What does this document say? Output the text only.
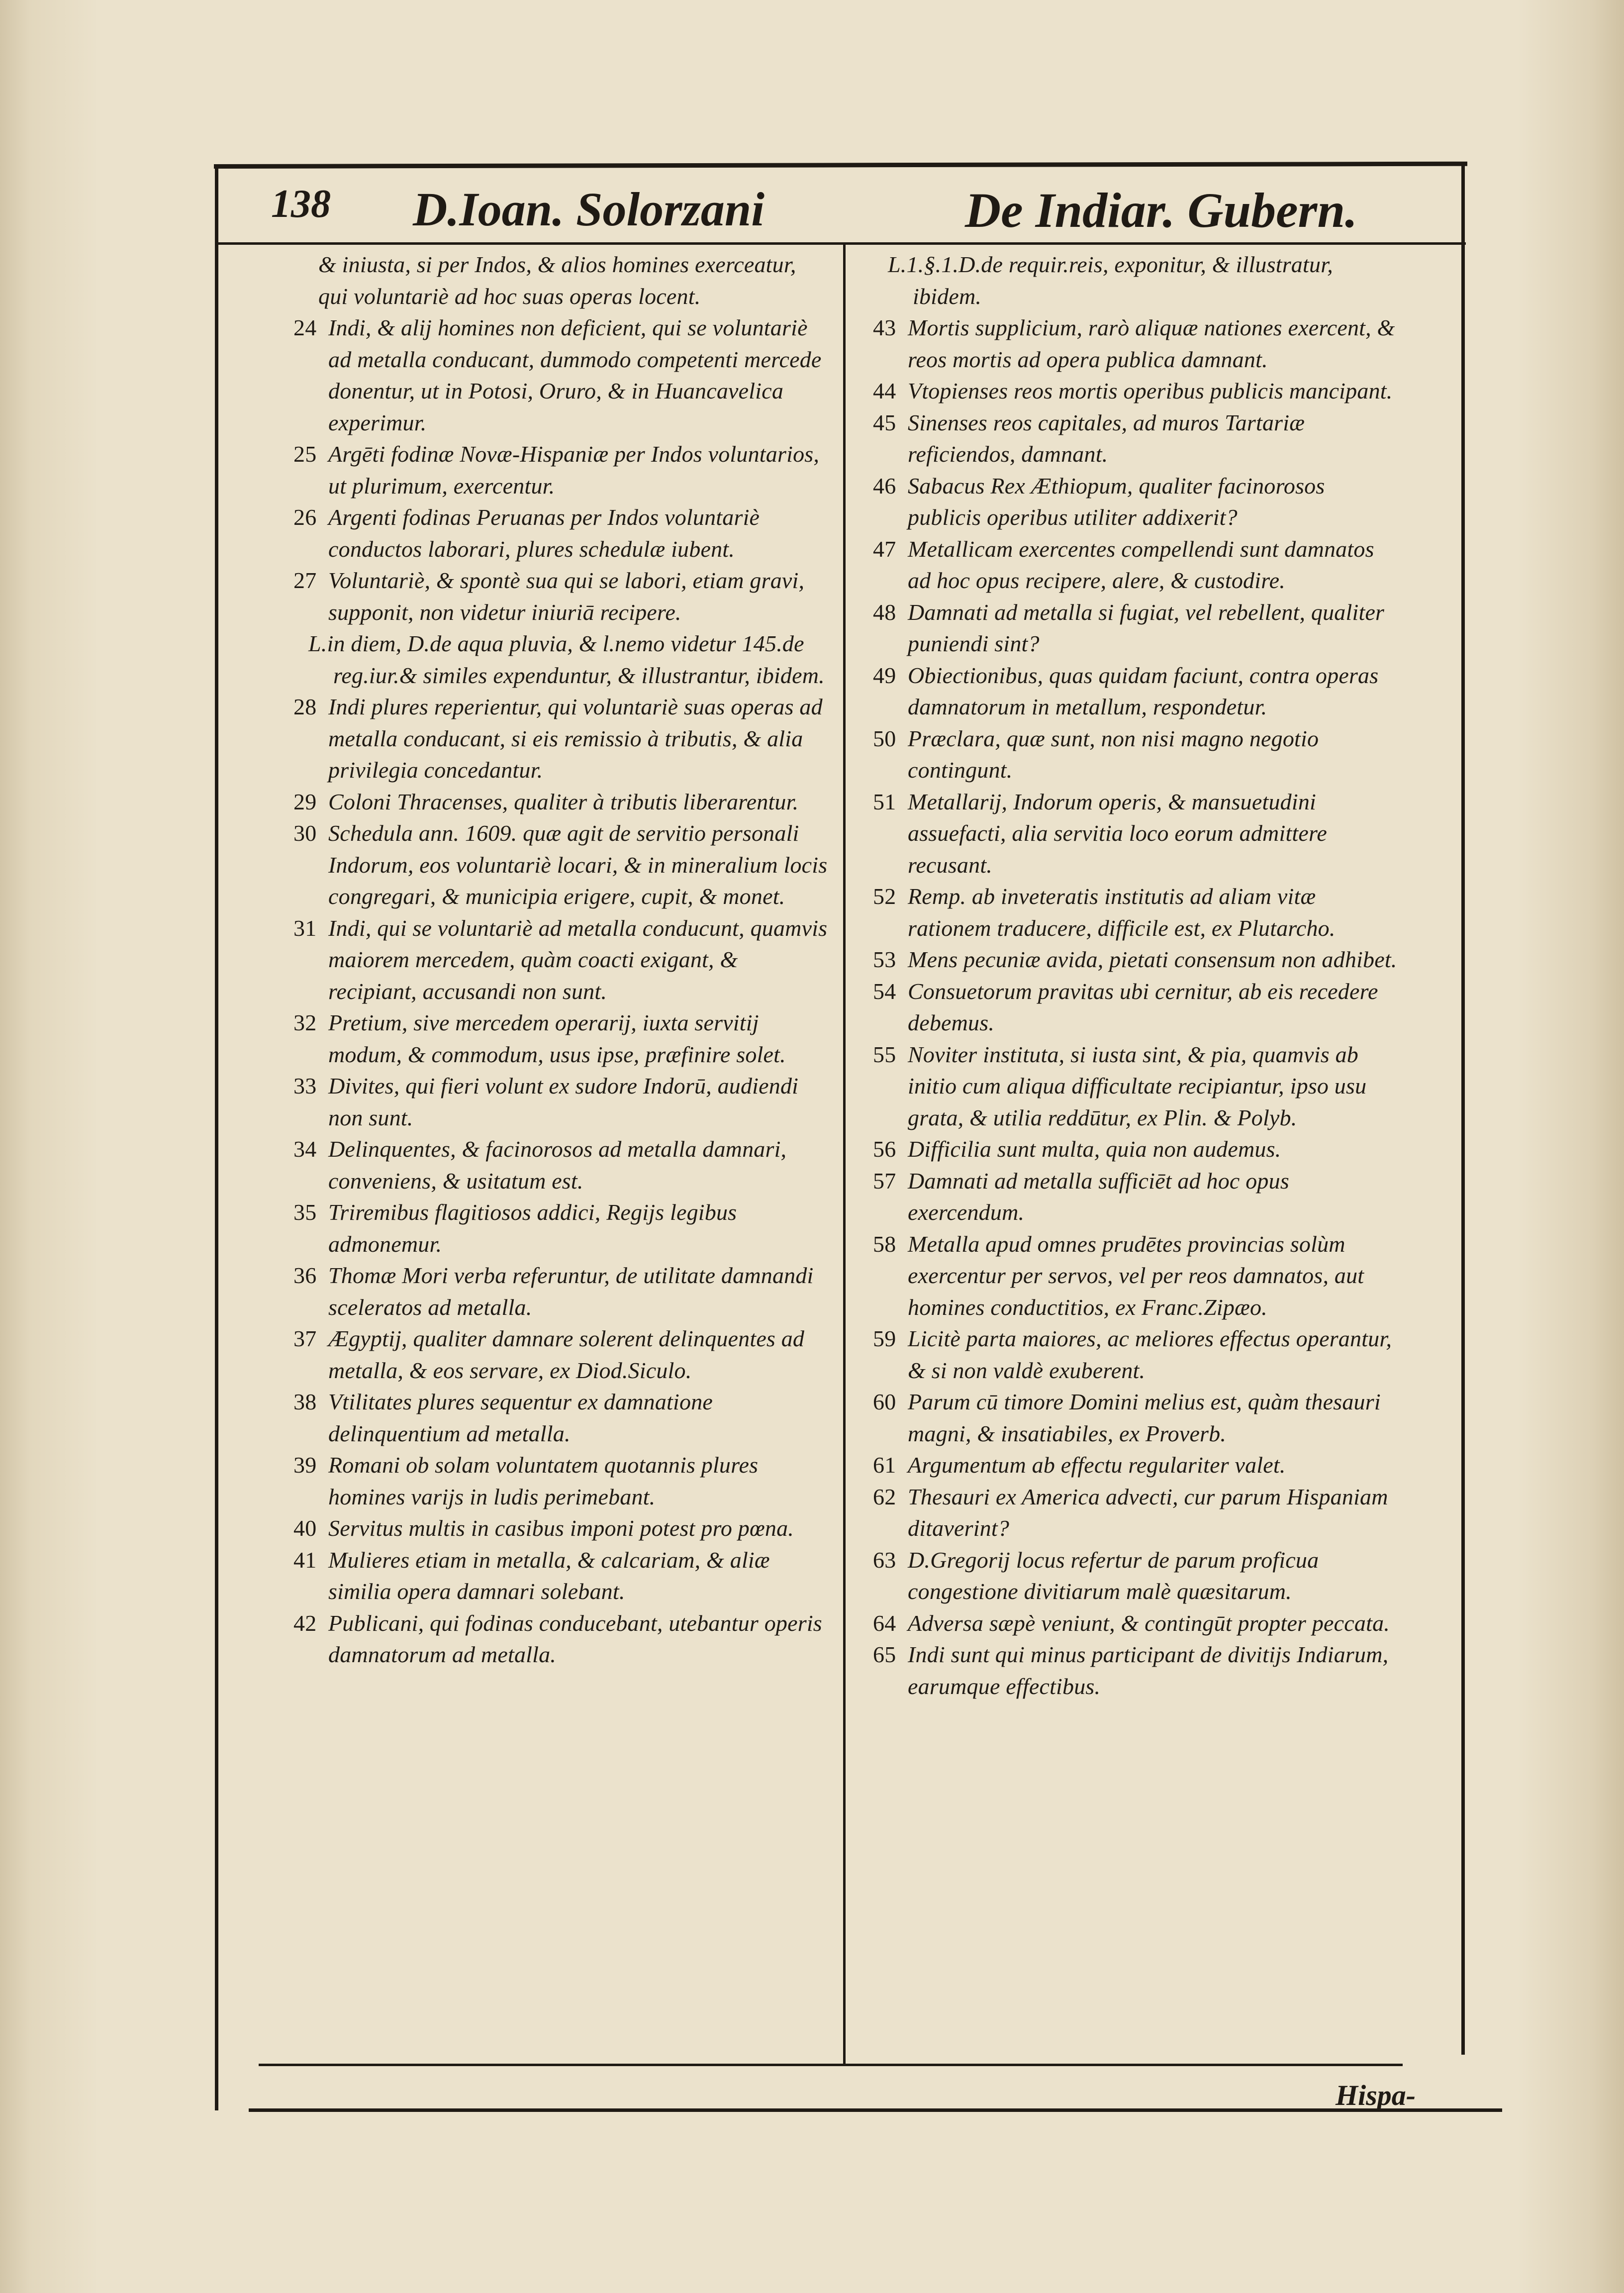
138 D.Ioan. Solorzani	De Indiar. Gubern.
& iniusta, si per Indos, & alios homines exerceatur, qui voluntariè ad hoc suas operas locent.
24 Indi, & alij homines non deficient, qui se voluntariè ad metalla conducant, dummodo competenti mercede donentur, ut in Potosi, Oruro, & in Huancavelica experimur.
25 Argēti fodinæ Novæ-Hispaniæ per Indos voluntarios, ut plurimum, exercentur.
26 Argenti fodinas Peruanas per Indos voluntariè conductos laborari, plures schedulæ iubent.
27 Voluntariè, & spontè sua qui se labori, etiam gravi, supponit, non videtur iniuriā recipere.
L.in diem, D.de aqua pluvia, & l.nemo videtur 145.de reg.iur.& similes expenduntur, & illustrantur, ibidem.
28 Indi plures reperientur, qui voluntariè suas operas ad metalla conducant, si eis remissio à tributis, & alia privilegia concedantur.
29 Coloni Thracenses, qualiter à tributis liberarentur.
30 Schedula ann. 1609. quæ agit de servitio personali Indorum, eos voluntariè locari, & in mineralium locis congregari, & municipia erigere, cupit, & monet.
31 Indi, qui se voluntariè ad metalla conducunt, quamvis maiorem mercedem, quàm coacti exigant, & recipiant, accusandi non sunt.
32 Pretium, sive mercedem operarij, iuxta servitij modum, & commodum, usus ipse, præfinire solet.
33 Divites, qui fieri volunt ex sudore Indorū, audiendi non sunt.
34 Delinquentes, & facinorosos ad metalla damnari, conveniens, & usitatum est.
35 Triremibus flagitiosos addici, Regijs legibus admonemur.
36 Thomæ Mori verba referuntur, de utilitate damnandi sceleratos ad metalla.
37 Ægyptij, qualiter damnare solerent delinquentes ad metalla, & eos servare, ex Diod.Siculo.
38 Vtilitates plures sequentur ex damnatione delinquentium ad metalla.
39 Romani ob solam voluntatem quotannis plures homines varijs in ludis perimebant.
40 Servitus multis in casibus imponi potest pro pœna.
41 Mulieres etiam in metalla, & calcariam, & aliæ similia opera damnari solebant.
42 Publicani, qui fodinas conducebant, utebantur operis damnatorum ad metalla.
L.1.§.1.D.de requir.reis, exponitur, & illustratur, ibidem.
43 Mortis supplicium, rarò aliquæ nationes exercent, & reos mortis ad opera publica damnant.
44 Vtopienses reos mortis operibus publicis mancipant.
45 Sinenses reos capitales, ad muros Tartariæ reficiendos, damnant.
46 Sabacus Rex Æthiopum, qualiter facinorosos publicis operibus utiliter addixerit?
47 Metallicam exercentes compellendi sunt damnatos ad hoc opus recipere, alere, & custodire.
48 Damnati ad metalla si fugiat, vel rebellent, qualiter puniendi sint?
49 Obiectionibus, quas quidam faciunt, contra operas damnatorum in metallum, respondetur.
50 Præclara, quæ sunt, non nisi magno negotio contingunt.
51 Metallarij, Indorum operis, & mansuetudini assuefacti, alia servitia loco eorum admittere recusant.
52 Remp. ab inveteratis institutis ad aliam vitæ rationem traducere, difficile est, ex Plutarcho.
53 Mens pecuniæ avida, pietati consensum non adhibet.
54 Consuetorum pravitas ubi cernitur, ab eis recedere debemus.
55 Noviter instituta, si iusta sint, & pia, quamvis ab initio cum aliqua difficultate recipiantur, ipso usu grata, & utilia reddūtur, ex Plin. & Polyb.
56 Difficilia sunt multa, quia non audemus.
57 Damnati ad metalla sufficiēt ad hoc opus exercendum.
58 Metalla apud omnes prudētes provincias solùm exercentur per servos, vel per reos damnatos, aut homines conductitios, ex Franc.Zipæo.
59 Licitè parta maiores, ac meliores effectus operantur, & si non valdè exuberent.
60 Parum cū timore Domini melius est, quàm thesauri magni, & insatiabiles, ex Proverb.
61 Argumentum ab effectu regulariter valet.
62 Thesauri ex America advecti, cur parum Hispaniam ditaverint?
63 D.Gregorij locus refertur de parum proficua congestione divitiarum malè quæsitarum.
64 Adversa sæpè veniunt, & contingūt propter peccata.
65 Indi sunt qui minus participant de divitijs Indiarum, earumque effectibus.
Hispa-
